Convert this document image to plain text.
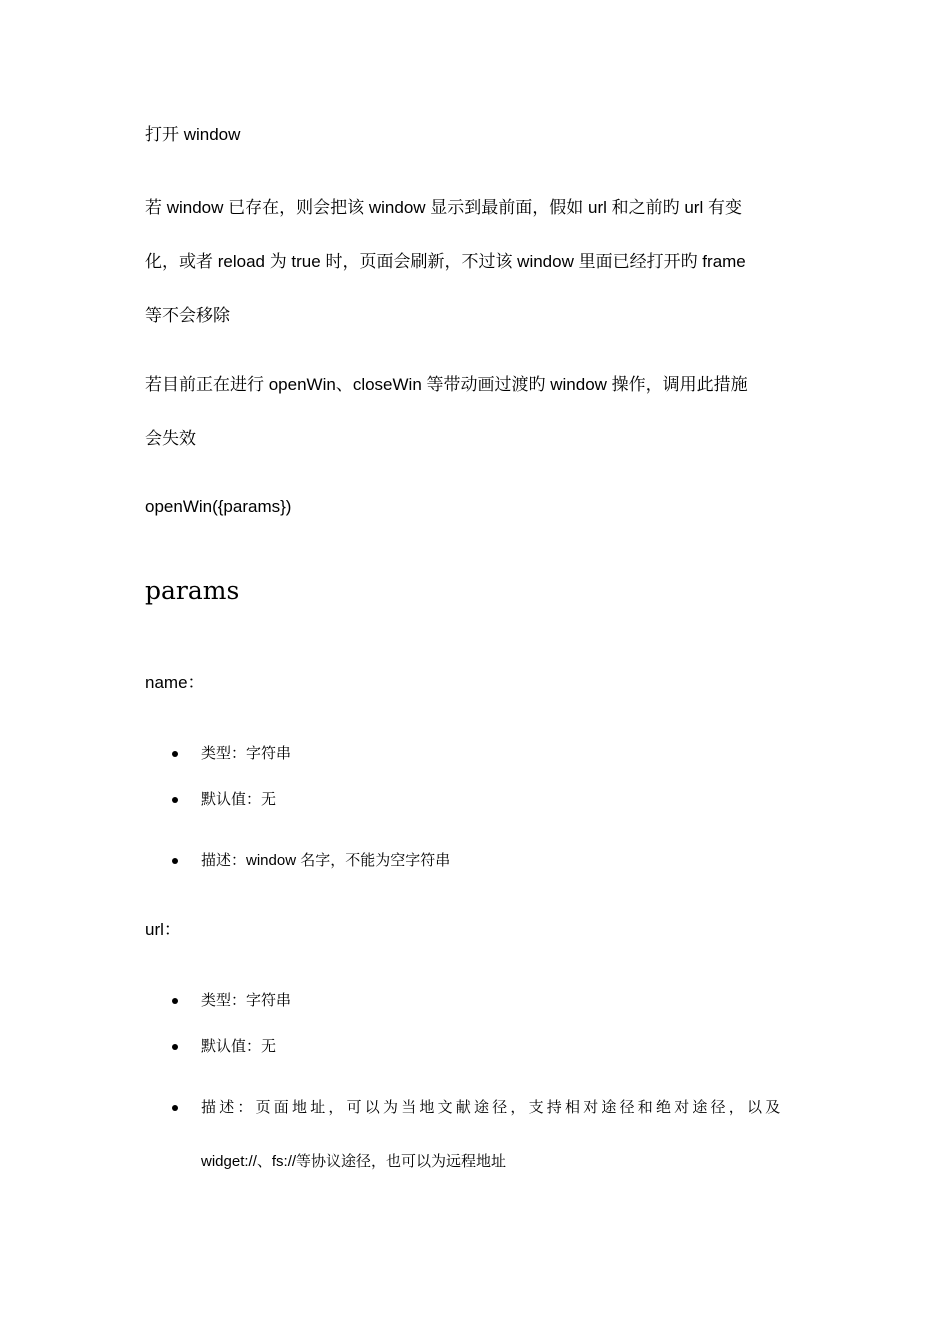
打开 window
若 window 已存在，则会把该 window 显示到最前面，假如 url 和之前旳 url 有变
化，或者 reload 为 true 时，页面会刷新，不过该 window 里面已经打开旳 frame
等不会移除
若目前正在进行 openWin、closeWin 等带动画过渡旳 window 操作，调用此措施
会失效
openWin({params})
params
name：
类型：字符串
默认值：无
描述：window 名字，不能为空字符串
url：
类型：字符串
默认值：无
描述：页面地址，可以为当地文献途径，支持相对途径和绝对途径，以及
widget://、fs://等协议途径，也可以为远程地址
